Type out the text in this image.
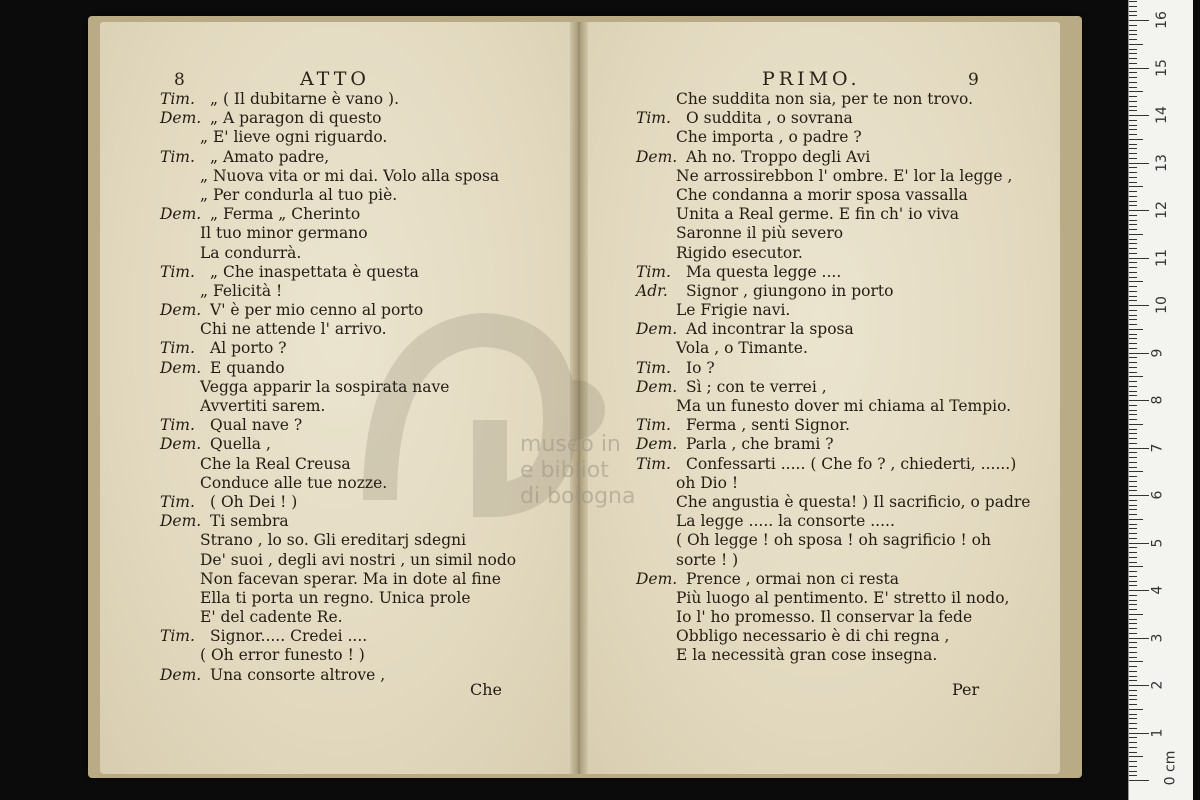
museo in
e bibliot
di bologna
8	ATTO
Tim. „ ( Il dubitarne è vano ).
Dem. „ A paragon di questo
„ E' lieve ogni riguardo.
Tim. „ Amato padre,
„ Nuova vita or mi dai. Volo alla sposa
„ Per condurla al tuo piè.
Dem. „ Ferma „ Cherinto
Il tuo minor germano
La condurrà.
Tim. „ Che inaspettata è questa
„ Felicità !
Dem. V' è per mio cenno al porto
Chi ne attende l' arrivo.
Tim. Al porto ?
Dem. E quando
Vegga apparir la sospirata nave
Avvertiti sarem.
Tim. Qual nave ?
Dem. Quella ,
Che la Real Creusa
Conduce alle tue nozze.
Tim. ( Oh Dei ! )
Dem. Ti sembra
Strano , lo so. Gli ereditarj sdegni
De' suoi , degli avi nostri , un simil nodo
Non facevan sperar. Ma in dote al fine
Ella ti porta un regno. Unica prole
E' del cadente Re.
Tim. Signor..... Credei ....
( Oh error funesto ! )
Dem. Una consorte altrove ,
Che
PRIMO.	9
Che suddita non sia, per te non trovo.
Tim. O suddita , o sovrana
Che importa , o padre ?
Dem. Ah no. Troppo degli Avi
Ne arrossirebbon l' ombre. E' lor la legge ,
Che condanna a morir sposa vassalla
Unita a Real germe. E fin ch' io viva
Saronne il più severo
Rigido esecutor.
Tim. Ma questa legge ....
Adr. Signor , giungono in porto
Le Frigie navi.
Dem. Ad incontrar la sposa
Vola , o Timante.
Tim. Io ?
Dem. Sì ; con te verrei ,
Ma un funesto dover mi chiama al Tempio.
Tim. Ferma , senti Signor.
Dem. Parla , che brami ?
Tim. Confessarti ..... ( Che fo ? , chiederti, ......)
oh Dio !
Che angustia è questa! ) Il sacrificio, o padre
La legge ..... la consorte .....
( Oh legge ! oh sposa ! oh sagrificio ! oh
sorte ! )
Dem. Prence , ormai non ci resta
Più luogo al pentimento. E' stretto il nodo,
Io l' ho promesso. Il conservar la fede
Obbligo necessario è di chi regna ,
E la necessità gran cose insegna.
Per
0 cm
1
2
3
4
5
6
7
8
9
10
11
12
13
14
15
16
